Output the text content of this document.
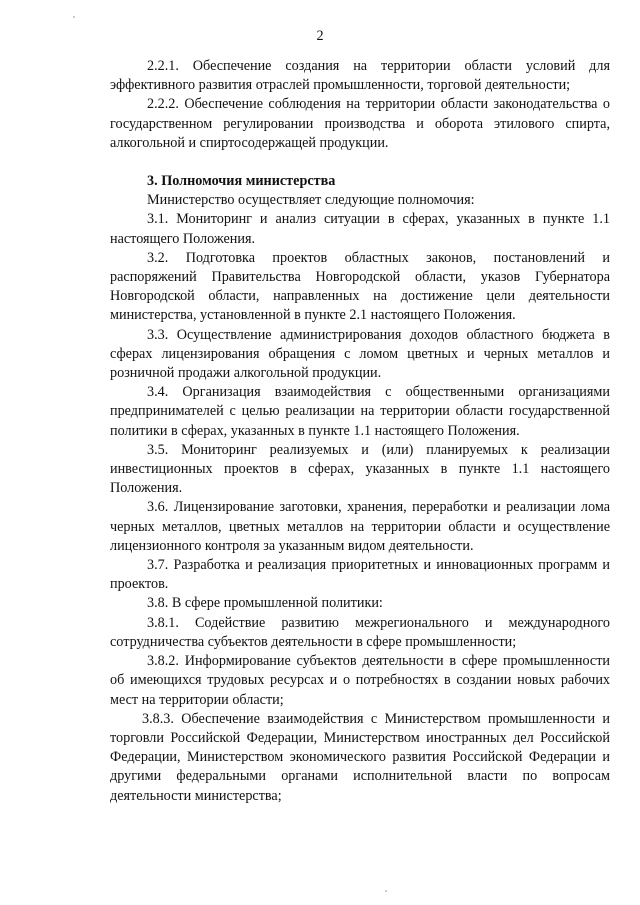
2

2.2.1. Обеспечение создания на территории области условий для эффективного развития отраслей промышленности, торговой деятельности;

2.2.2. Обеспечение соблюдения на территории области законодательства о государственном регулировании производства и оборота этилового спирта, алкогольной и спиртосодержащей продукции.

3. Полномочия министерства

Министерство осуществляет следующие полномочия:

3.1. Мониторинг и анализ ситуации в сферах, указанных в пункте 1.1 настоящего Положения.

3.2. Подготовка проектов областных законов, постановлений и распоряжений Правительства Новгородской области, указов Губернатора Новгородской области, направленных на достижение цели деятельности министерства, установленной в пункте 2.1 настоящего Положения.

3.3. Осуществление администрирования доходов областного бюджета в сферах лицензирования обращения с ломом цветных и черных металлов и розничной продажи алкогольной продукции.

3.4. Организация взаимодействия с общественными организациями предпринимателей с целью реализации на территории области государственной политики в сферах, указанных в пункте 1.1 настоящего Положения.

3.5. Мониторинг реализуемых и (или) планируемых к реализации инвестиционных проектов в сферах, указанных в пункте 1.1 настоящего Положения.

3.6. Лицензирование заготовки, хранения, переработки и реализации лома черных металлов, цветных металлов на территории области и осуществление лицензионного контроля за указанным видом деятельности.

3.7. Разработка и реализация приоритетных и инновационных программ и проектов.

3.8. В сфере промышленной политики:

3.8.1. Содействие развитию межрегионального и международного сотрудничества субъектов деятельности в сфере промышленности;

3.8.2. Информирование субъектов деятельности в сфере промышленности об имеющихся трудовых ресурсах и о потребностях в создании новых рабочих мест на территории области;

3.8.3. Обеспечение взаимодействия с Министерством промышленности и торговли Российской Федерации, Министерством иностранных дел Российской Федерации, Министерством экономического развития Российской Федерации и другими федеральными органами исполнительной власти по вопросам деятельности министерства;
